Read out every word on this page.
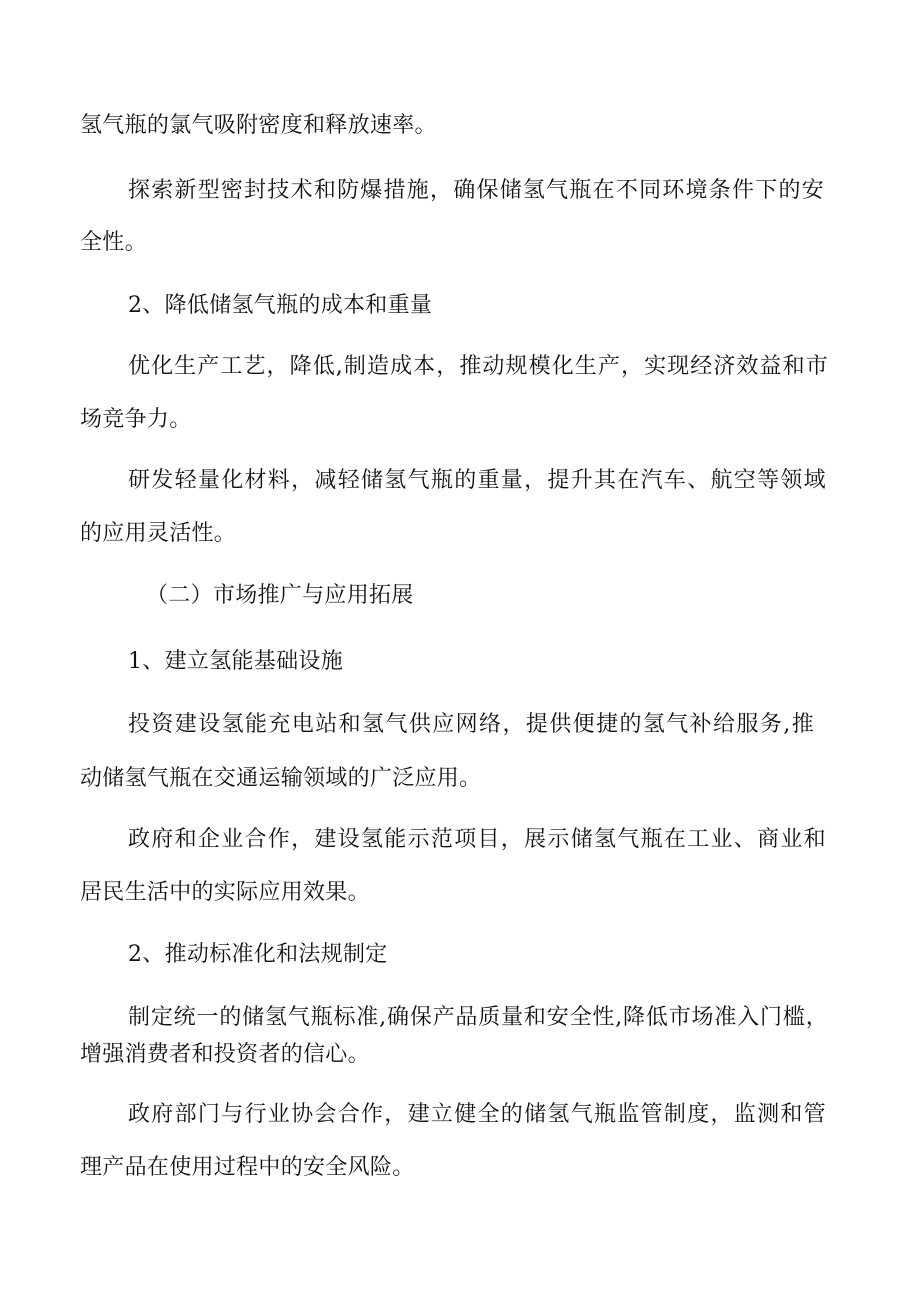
氢气瓶的氯气吸附密度和释放速率。
探索新型密封技术和防爆措施，确保储氢气瓶在不同环境条件下的安
全性。
2、降低储氢气瓶的成本和重量
优化生产工艺，降低,制造成本，推动规模化生产，实现经济效益和市
场竞争力。
研发轻量化材料，减轻储氢气瓶的重量，提升其在汽车、航空等领域
的应用灵活性。
（二）市场推广与应用拓展
1、建立氢能基础设施
投资建设氢能充电站和氢气供应网络，提供便捷的氢气补给服务,推
动储氢气瓶在交通运输领域的广泛应用。
政府和企业合作，建设氢能示范项目，展示储氢气瓶在工业、商业和
居民生活中的实际应用效果。
2、推动标准化和法规制定
制定统一的储氢气瓶标准,确保产品质量和安全性,降低市场准入门槛，
增强消费者和投资者的信心。
政府部门与行业协会合作，建立健全的储氢气瓶监管制度，监测和管
理产品在使用过程中的安全风险。
